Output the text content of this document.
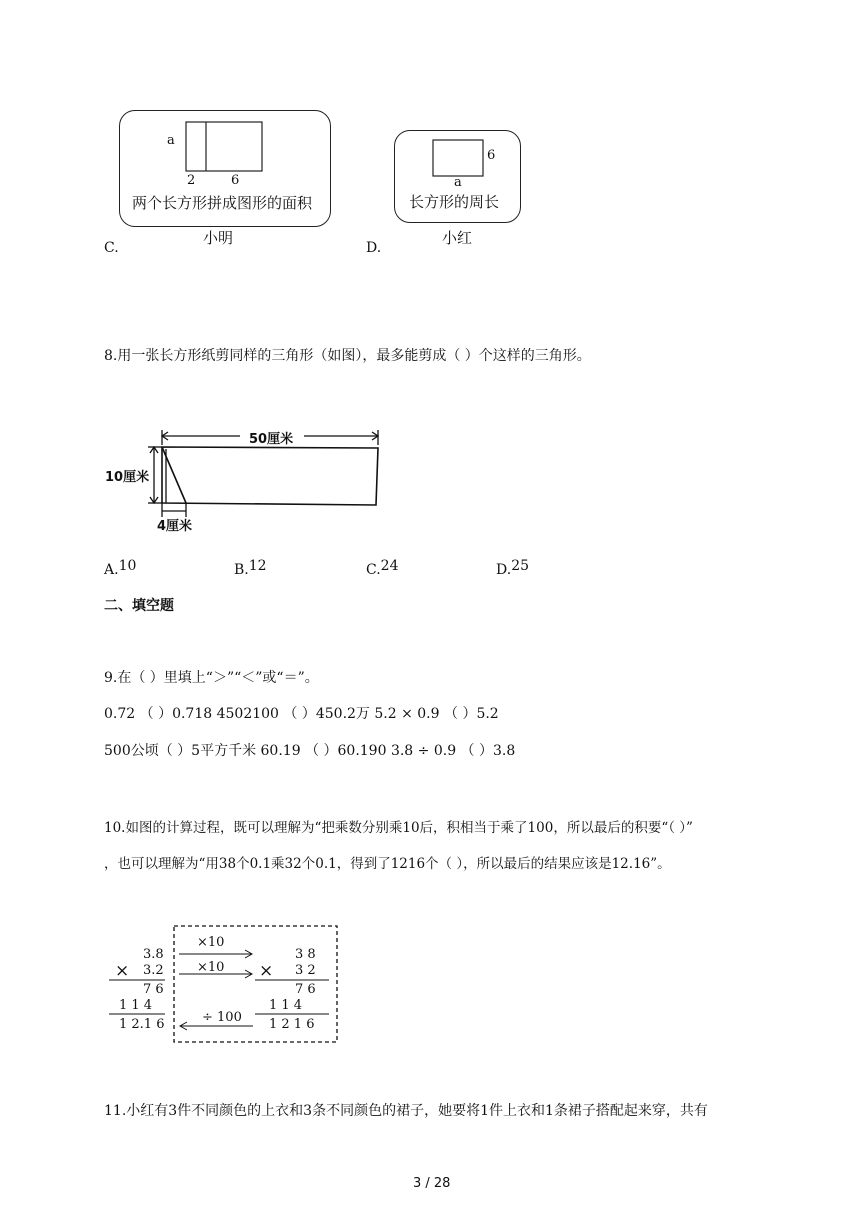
a
2	6
两个长方形拼成图形的面积
小明
C.
6
a
长方形的周长
小红
D.
8.用一张长方形纸剪同样的三角形（如图），最多能剪成（ ）个这样的三角形。
50厘米
10厘米
4厘米
A.10	B.12	C.24	D.25
二、填空题
9.在（ ）里填上“＞”“＜”或“＝”。
0.72 （ ）0.718 4502100 （ ）450.2万 5.2 × 0.9 （ ）5.2
500公顷（ ）5平方千米 60.19 （ ）60.190 3.8 ÷ 0.9 （ ）3.8
10.如图的计算过程，既可以理解为“把乘数分别乘10后，积相当于乘了100，所以最后的积要“（ ）”
，也可以理解为“用38个0.1乘32个0.1，得到了1216个（ ），所以最后的结果应该是12.16”。
3.8
× 3.2
7 6
1 1 4
1 2.1 6
×10
×10
÷ 100
3 8
× 3 2
7 6
1 1 4
1 2 1 6
11.小红有3件不同颜色的上衣和3条不同颜色的裙子，她要将1件上衣和1条裙子搭配起来穿，共有
3 / 28
